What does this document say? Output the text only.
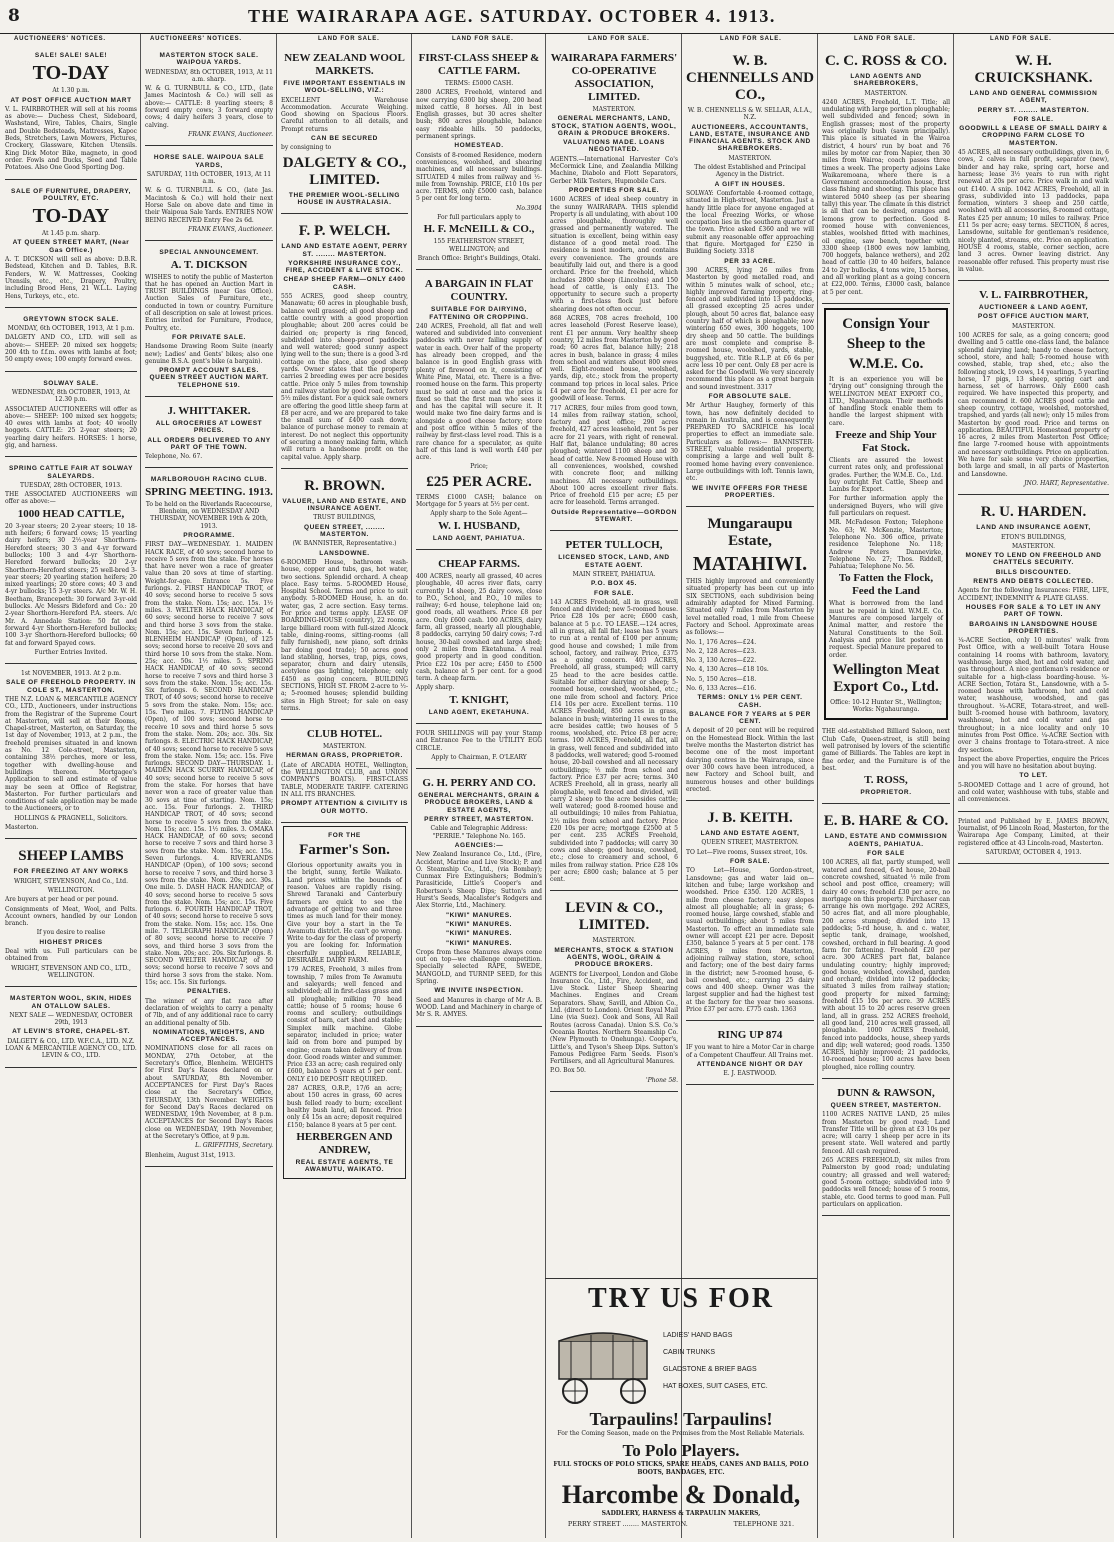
8	THE WAIRARAPA AGE. SATURDAY. OCTOBER 4. 1913.
AUCTIONEERS' NOTICES.	AUCTIONEERS' NOTICES.	LAND FOR SALE.	LAND FOR SALE.	LAND FOR SALE.	LAND FOR SALE.	LAND FOR SALE.	LAND FOR SALE.
SALE! SALE! SALE!
TO-DAY

At 1.30 p.m.

AT POST OFFICE AUCTION MART

V. L. FAIRBROTHER will sell at his rooms as above:— Duchess Chest, Sideboard, Washstand, Wire, Tables, Chairs, Single and Double Bedsteads, Mattresses, Kapoc Beds, Stretchers, Lawn Mowers, Pictures, Crockery, Glassware, Kitchen Utensils. King Dick Motor Bike, magneto, in good order. Fowls and Ducks, Seed and Table Potatoes. Also One Good Sporting Dog.

SALE OF FURNITURE, DRAPERY, POULTRY, ETC.
TO-DAY

At 1.45 p.m. sharp.

AT QUEEN STREET MART, (Near Gas Office.)

A. T. DICKSON will sell as above: D.B.R. Bedstead, Kitchen and D. Tables, B.R. Fenders, W. W. Mattresses, Cooking Utensils, etc., etc., Drapery, Poultry, including Brood Hens, 21 W.L.L. Laying Hens, Turkeys, etc., etc.

GREYTOWN STOCK SALE.

MONDAY, 6th OCTOBER, 1913, At 1 p.m.

DALGETY AND CO., LTD. will sell as above:— SHEEP: 20 mixed sex hoggets; 200 4th to f.f.m. ewes with lambs at foot; 50 empty ewes; 100 empty forward ewes.

SOLWAY SALE.

WEDNESDAY, 8th OCTOBER, 1913, At 12.30 p.m.

ASSOCIATED AUCTIONEERS will offer as above:— SHEEP: 100 mixed sex hoggets; 40 ewes with lambs at foot; 40 woolly hoggets. CATTLE: 25 2-year steers; 20 yearling dairy heifers. HORSES: 1 horse, gig, and harness.

SPRING CATTLE FAIR AT SOLWAY SALEYARDS.

TUESDAY, 28th OCTOBER, 1913.

THE ASSOCIATED AUCTIONEERS will offer as above:—

1000 HEAD CATTLE,

20 3-year steers; 20 2-year steers; 10 18-mth heifers; 6 forward cows; 15 yearling dairy heifers; 30 2½-year Shorthorn-Hereford steers; 30 3 and 4-yr forward bullocks; 100 3 and 4-yr Shorthorn-Hereford forward bullocks; 20 2-yr Shorthorn-Hereford steers; 25 well-bred 3-year steers; 20 yearling station heifers; 20 mixed yearlings; 20 store cows; 40 3 and 4-yr bullocks; 15 3-yr steers. A/c Mr. W. H. Beetham, Brancepeth: 30 forward 3-yr-old bullocks. A/c Messrs Bideford and Co.: 20 2-year Shorthorn-Hereford P.A. steers. A/c Mr. A. Annedale Station: 50 fat and forward 4-yr Shorthorn-Hereford bullocks; 100 3-yr Shorthorn-Hereford bullocks; 60 fat and forward Spayed cows.

Further Entries Invited.

1st NOVEMBER, 1913. At 2 p.m.

SALE OF FREEHOLD PROPERTY. IN COLE ST., MASTERTON.

THE N.Z. LOAN & MERCANTILE AGENCY CO., LTD., Auctioneers, under instructions from the Registrar of the Supreme Court at Masterton, will sell at their Rooms, Chapel-street, Masterton, on Saturday, the 1st day of November, 1913, at 2 p.m., the freehold premises situated in and known as No. 12 Cole-street, Masterton, containing 38½ perches, more or less, together with dwelling-house and buildings thereon. Mortgagee's Application to sell and estimate of value may be seen at Office of Registrar, Masterton. For further particulars and conditions of sale application may be made to the Auctioneers, or to

HOLLINGS & PRAGNELL, Solicitors.

Masterton.

SHEEP LAMBS
FOR FREEZING AT ANY WORKS

WRIGHT, STEVENSON, And Co., Ltd.

WELLINGTON.

Are buyers at per head or per pound.

Consignments of Meat, Wool, and Pelts. Account owners, handled by our London branch.

If you desire to realise

HIGHEST PRICES

Deal with us. Full particulars can be obtained from

WRIGHT, STEVENSON AND CO., LTD., WELLINGTON.

MASTERTON WOOL, SKIN, HIDES AN OTALLOW SALES.

NEXT SALE — WEDNESDAY, OCTOBER 29th, 1913

AT LEVIN'S STORE, CHAPEL-ST.

DALGETY & CO., LTD. W.F.C.A., LTD. N.Z. LOAN & MERCANTILE AGENCY CO., LTD. LEVIN & CO., LTD.

MASTERTON STOCK SALE. WAIPOUA YARDS.

WEDNESDAY, 8th OCTOBER, 1913, At 11 a.m. sharp.

W. & G. TURNBULL & CO., LTD., (late James Macintosh & Co.) will sell as above:— CATTLE: 8 yearling steers; 8 forward empty cows; 3 forward empty cows; 4 dairy heifers 3 years, close to calving.

FRANK EVANS, Auctioneer.

HORSE SALE. WAIPOUA SALE YARDS,

SATURDAY, 11th OCTOBER, 1913, At 11 a.m.

W. & G. TURNBULL & CO., (late Jas. Macintosh & Co.) will hold their next Horse Sale on above date and time in their Waipoua Sale Yards. ENTRIES NOW BEING RECEIVED Entry Fee 2s 6d.

FRANK EVANS, Auctioneer.

SPECIAL ANNOUNCEMENT.
A. T. DICKSON

WISHES to notify the public of Masterton that he has opened an Auction Mart in TRUST BUILDINGS (near Gas Office). Auction Sales of Furniture, etc., conducted in town or country. Furniture of all description on sale at lowest prices. Entries invited for Furniture, Produce, Poultry, etc.

FOR PRIVATE SALE.

Handsome Drawing Room Suite (nearly new); Ladies' and Gents' bikes; also one genuine B.S.A. gent's bike (a bargain).

PROMPT ACCOUNT SALES. QUEEN STREET AUCTION MART. TELEPHONE 519.
J. WHITTAKER.
ALL GROCERIES AT LOWEST PRICES.
ALL ORDERS DELIVERED TO ANY PART OF THE TOWN.

Telephone, No. 67.

MARLBOROUGH RACING CLUB.
SPRING MEETING. 1913.

To be held on the Riverlands Racecourse, Blenheim, on WEDNESDAY AND THURSDAY, NOVEMBER 19th & 20th, 1913.

PROGRAMME.

FIRST DAY—WEDNESDAY. 1. MAIDEN HACK RACE, of 40 sovs; second horse to receive 5 sovs from the stake. For horses that have never won a race of greater value than 20 sovs at time of starting. Weight-for-age. Entrance 5s. Five furlongs. 2. FIRST HANDICAP TROT, of 40 sovs; second horse to receive 5 sovs from the stake. Nom. 15s; acc. 15s. 1½ miles. 3. WELTER HACK HANDICAP, of 60 sovs; second horse to receive 7 sovs and third horse 3 sovs from the stake. Nom. 15s; acc. 15s. Seven furlongs. 4. BLENHEIM HANDICAP (Open), of 125 sovs; second horse to receive 20 sovs and third horse 10 sovs from the stake. Nom. 25s; acc. 50s. 1½ miles. 5. SPRING HACK HANDICAP, of 40 sovs; second horse to receive 7 sovs and third horse 3 sovs from the stake. Nom. 15s; acc. 15s. Six furlongs. 6. SECOND HANDICAP TROT, of 40 sovs; second horse to receive 5 sovs from the stake. Nom. 15s; acc. 15s. Two miles. 7. FLYING HANDICAP (Open), of 100 sovs; second horse to receive 10 sovs and third horse 5 sovs from the stake. Nom. 20s; acc. 30s. Six furlongs. 8. ELECTRIC HACK HANDICAP, of 40 sovs; second horse to receive 5 sovs from the stake. Nom. 15s; acc. 15s. Five furlongs. SECOND DAY—THURSDAY. 1. MAIDEN HACK SCURRY HANDICAP, of 40 sovs; second horse to receive 5 sovs from the stake. For horses that have never won a race of greater value than 30 sovs at time of starting. Nom. 15s; acc. 15s. Four furlongs. 2. THIRD HANDICAP TROT, of 40 sovs; second horse to receive 5 sovs from the stake. Nom. 15s; acc. 15s. 1½ miles. 3. OMAKA HACK HANDICAP, of 60 sovs; second horse to receive 7 sovs and third horse 3 sovs from the stake. Nom. 15s; acc. 15s. Seven furlongs. 4. RIVERLANDS HANDICAP (Open), of 100 sovs; second horse to receive 7 sovs, and third horse 3 sovs from the stake. Nom. 20s; acc. 30s. One mile. 5. DASH HACK HANDICAP, of 40 sovs; second horse to receive 5 sovs from the stake. Nom. 15s; acc. 15s. Five furlongs. 6. FOURTH HANDICAP TROT, of 40 sovs; second horse to receive 5 sovs from the stake. Nom. 15s; acc. 15s. One mile. 7. TELEGRAPH HANDICAP (Open) of 80 sovs; second horse to receive 7 sovs, and third horse 3 sovs from the stake. Nom. 20s; acc. 20s. Six furlongs. 8. SECOND WELTER HANDICAP, of 50 sovs; second horse to receive 7 sovs and third horse 3 sovs from the stake. Nom. 15s; acc. 15s. Six furlongs.

PENALTIES.

The winner of any flat race after declaration of weights to carry a penalty of 7lb, and of any additional race to carry an additional penalty of 5lb.

NOMINATIONS, WEIGHTS, AND ACCEPTANCES.

NOMINATIONS close for all races on MONDAY, 27th October, at the Secretary's Office, Blenheim. WEIGHTS for First Day's Races declared on or about SATURDAY, 8th November. ACCEPTANCES for First Day's Races close at the Secretary's Office, THURSDAY, 13th November. WEIGHTS for Second Day's Races declared on WEDNESDAY, 19th November, at 8 p.m. ACCEPTANCES for Second Day's Races close on WEDNESDAY, 19th November, at the Secretary's Office, at 9 p.m.

L. GRIFFITHS, Secretary.

Blenheim, August 31st, 1913.

NEW ZEALAND WOOL MARKETS.
FIVE IMPORTANT ESSENTIALS IN WOOL-SELLING, VIZ.:

EXCELLENT Warehouse Accommodation. Accurate Weighing. Good showing on Spacious Floors. Careful attention to all details, and Prompt returns

CAN BE SECURED

by consigning to

DALGETY & CO., LIMITED.
THE PREMIER WOOL-SELLING HOUSE IN AUSTRALASIA.
F. P. WELCH.
LAND AND ESTATE AGENT, PERRY ST. ........ MASTERTON.
YORKSHIRE INSURANCE COY., FIRE, ACCIDENT & LIVE STOCK.
CHEAP SHEEP FARM—ONLY £400 CASH.

555 ACRES, good sheep country, Manawatu; 60 acres in ploughable bush, balance well grassed; all good sheep and cattle country with a good proportion ploughable; about 200 acres could be dairied on; property is ring fenced, subdivided into sheep-proof paddocks and well watered; good sunny aspect lying well to the sun; there is a good 3-rd cottage on the place, also good sheep yards. Owner states that the property carries 2 breeding ewes per acre besides cattle. Price only 5 miles from township and railway station by good road, factory 5½ miles distant. For a quick sale owners are offering the good little sheep farm at £8 per acre, and we are prepared to take the small sum of £400 cash down; balance of purchase money to remain at interest. Do not neglect this opportunity of securing a money making farm, which will return a handsome profit on the capital value. Apply sharp.

R. BROWN.
VALUER, LAND AND ESTATE, AND INSURANCE AGENT.

TRUST BUILDINGS,

QUEEN STREET, ........ MASTERTON.

(W. BANNISTER, Representative.)

LANSDOWNE.

6-ROOMED House, bathroom wash-house, copper and tubs, gas, hot water, two sections. Splendid orchard. A cheap place. Easy terms. 5-ROOMED House, Hospital School. Terms and price to suit anybody. 5-ROOMED House, h. an do. water, gas, 2 acre section. Easy terms. For price and terms apply. LEASE OF BOARDING-HOUSE (country), 22 rooms, large billiard room with full-sized Alcock table, dining-rooms, sitting-rooms (all fully furnished), new piano, soft drinks bar doing good trade); 50 acres good land stabling, horses, trap, pigs, cows, separator, churn and dairy utensils, acetylene gas lighting, telephone; only £450 as going concern. BUILDING SECTIONS, HIGH ST. FROM 2-acre to ½-a; 5-roomed houses; splendid building sites in High Street; for sale on easy terms.

CLUB HOTEL.

MASTERTON.

HERMAN GRASS, PROPRIETOR.

(Late of ARCADIA HOTEL, Wellington, the WELLINGTON CLUB, and UNION COMPANY'S BOATS). FIRST-CLASS TABLE, MODERATE TARIFF. CATERING IN ALL ITS BRANCHES.

PROMPT ATTENTION & CIVILITY IS OUR MOTTO.
FOR THE
Farmer's Son.

Glorious opportunity awaits you in the bright, sunny, fertile Waikato. Land prices within the bounds of reason. Values are rapidly rising. Shrewd Taranaki and Canterbury farmers are quick to see the advantage of getting two and three times as much land for their money. Give your boy a start in the Te Awamutu district. He can't go wrong. Write to-day for the class of property you are looking for. Information cheerfully supplied. RELIABLE, DESIRABLE DAIRY FARM.

179 ACRES, Freehold, 3 miles from township, 7 miles from Te Awamutu and saleyards; well fenced and subdivided; all in first-class grass and all ploughable; milking 70 head cattle; house of 5 rooms; house 6 rooms and scullery; outbuildings consist of barn, cart shed and stable; Simplex milk machine. Globe separator, included in price; water laid on from bore and pumped by engine; cream taken delivery of from door. Good roads winter and summer. Price £33 an acre; cash required only £600, balance 5 years at 5 per cent. ONLY £10 DEPOSIT REQUIRED.

287 ACRES, O.R.P., 17/6 an acre; about 150 acres in grass, 60 acres bush felled ready to burn; excellent healthy bush land, all fenced. Price only £4 15s an acre; deposit required £150; balance 8 years at 5 per cent.

HERBERGEN AND ANDREW,
REAL ESTATE AGENTS, TE AWAMUTU, WAIKATO.
FIRST-CLASS SHEEP & CATTLE FARM.

TERMS: £5000 CASH.

2800 ACRES, Freehold, wintered and now carrying 6300 big sheep, 200 head mixed cattle, 8 horses. All in best English grasses, but 30 acres shelter bush; 800 acres ploughable, balance easy rideable hills. 50 paddocks, permanent springs.

HOMESTEAD.

Consists of 8-roomed Residence, modern conveniences, woolshed, and shearing machines, and all necessary buildings. SITUATED 4 miles from railway and ½-mile from Township. PRICE, £10 10s per acre. TERMS, only £5000 cash, balance 5 per cent for long term.

No.3904

For full particulars apply to

H. F. McNEILL & CO.,

155 FEATHERSTON STREET, WELLINGTON; and

Branch Office: Bright's Buildings, Otaki.

A BARGAIN IN FLAT COUNTRY.
SUITABLE FOR DAIRYING, FATTENING OR CROPPING.

240 ACRES, Freehold, all flat and well watered and subdivided into convenient paddocks with never failing supply of water in each. Over half of the property has already been cropped, and the balance is in good English grass with plenty of firewood on it, consisting of White Pine, Matai, etc. There is a five-roomed house on the farm. This property must be sold at once and the price is fixed so that the first man who sees it and has the capital will secure it. It would make two fine dairy farms and is alongside a good cheese factory; store and post office within 5 miles of the railway by first-class level road. This is a rare chance for a speculator, as quite half of this land is well worth £40 per acre.

Price;

£25 PER ACRE.

TERMS £1000 CASH; balance on Mortgage for 5 years at 5½ per cent.

Apply sharp to the Sole Agent—

W. I. HUSBAND,
LAND AGENT, PAHIATUA.
CHEAP FARMS.

400 ACRES, nearly all grassed, 40 acres ploughable, 40 acres river flats, carry currently 14 sheep, 25 dairy cows, close to P.O., School, and P.O., 10 miles to railway; 6-rd house, telephone laid on; good roads, all weathers. Price £8 per acre. Only £600 cash. 100 ACRES, dairy farm, all grassed, nearly all ploughable, 8 paddocks, carrying 50 dairy cows; 7-rd house, 30-bail cowshed and large shed; only 2 miles from Eketahuna. A real good property and in good condition. Price £22 10s per acre; £450 to £500 cash, balance at 5 per cent. for a good term. A cheap farm.

Apply sharp.

T. KNIGHT,
LAND AGENT, EKETAHUNA.

FOUR SHILLINGS will pay your Stamp and Entrance Fee to the UTILITY EGG CIRCLE.

Apply to Chairman, F. O'LEARY

G. H. PERRY AND CO.
GENERAL MERCHANTS, GRAIN & PRODUCE BROKERS, LAND & ESTATE AGENTS,
PERRY STREET, MASTERTON.

Cable and Telegraphic Address: "PERRIE." Telephone No. 165.

AGENCIES:—

New Zealand Insurance Co., Ltd., (Fire, Accident, Marine and Live Stock); P. and O. Steamship Co., Ltd., (via Bombay); Cunmax Fire Extinguishers; Bodmin's Parasiticide, Little's Cooper's and Robertson's Sheep Dips; Sutton's and Hurst's Seeds, Macalister's Rodgers and Alex Storrie, Ltd., Machinery.

"KIWI" MANURES.
"KIWI" MANURES.
"KIWI" MANURES.
"KIWI" MANURES.

Crops from these Manures always come out on top—we challenge competition. Specially selected RAPE, SWEDE, MANGOLD, and TURNIP SEED, for this Spring.

WE INVITE INSPECTION.

Seed and Manures in charge of Mr A. B. WOOD. Land and Machinery in charge of Mr S. R. AMYES.

WAIRARAPA FARMERS' CO-OPERATIVE ASSOCIATION, LIMITED.

MASTERTON.

GENERAL MERCHANTS, LAND, STOCK, STATION AGENTS, WOOL, GRAIN & PRODUCE BROKERS.
VALUATIONS MADE. LOANS NEGOTIATED.

AGENTS.—International Harvester Co's McCormick Line, and Zealandia Milking Machine, Diabolo and Flott Separators, Gerber Milk Testers, Hupmobile Cars.

PROPERTIES FOR SALE.

1600 ACRES of ideal sheep country in the sunny WAIRARAPA. THIS splendid Property is all undulating, with about 100 acres ploughable, thoroughly well grassed and permanently watered. The situation is excellent, being within easy distance of a good metal road. The residence is most modern, and contains every convenience. The grounds are beautifully laid out, and there is a good orchard. Price for the freehold, which includes 2800 sheep (Lincolns) and 150 head of cattle, is only £13. The opportunity to secure such a property with a first-class flock just before shearing does not often occur.

868 ACRES, 708 acres freehold, 100 acres leasehold (Forest Reserve lease), rent £1 per annum. Very healthy sheep country, 12 miles from Masterton by good road; 60 acres flat, balance hilly; 218 acres in bush, balance in grass; 4 miles from school and winters about 800 ewes well. Eight-roomed house, woolshed, yards, dip, etc.; stock from the property command top prices in local sales. Price £4 per acre for freehold, £1 per acre for goodwill of lease. Terms.

717 ACRES, four miles from good town, 14 miles from railway station, school, factory and post office; 290 acres freehold, 427 acres leasehold, rent 5s per acre for 21 years, with right of renewal. Half flat, balance undulating; 80 acres ploughed; wintered 1100 sheep and 30 head of cattle. New 8-roomed House with all conveniences, woolshed, cowshed with concrete floor, and milking machines. All necessary outbuildings. About 100 acres excellent river flats. Price of freehold £15 per acre; £5 per acre for leasehold. Terms arranged.

Outside Representative—GORDON STEWART.
PETER TULLOCH,
LICENSED STOCK, LAND, AND ESTATE AGENT.

MAIN STREET, PAHIATUA.

P.O. BOX 45.
FOR SALE.

143 ACRES Freehold, all in grass, well fenced and divided; new 5-roomed house. Price £28 10s per acre; £600 cash, balance at 5 p.c. TO LEASE.—124 acres, all in grass, all fall flat; lease has 5 years to run at a rental of £100 per annum; good house and cowshed; 1 mile from school, factory, and railway. Price, £375 as a going concern. 403 ACRES, Freehold, all grass, stumped; will carry 25 head to the acre besides cattle. Suitable for either dairying or sheep; 5-roomed house, cowshed, woolshed, etc.; one mile from school and factory. Price £14 10s per acre. Excellent terms. 110 ACRES Freehold, 850 acres in grass, balance in bush; wintering 11 ewes to the acre besides cattle; two houses of 5 rooms, woolshed, etc. Price £8 per acre; terms. 100 ACRES, Freehold, all flat, all in grass, well fenced and subdivided into 8 paddocks, well watered; good 5-roomed house, 20-bail cowshed and all necessary outbuildings; ½ mile from school and factory. Price £37 per acre; terms. 340 ACRES Freehold, all in grass, nearly all ploughable, well fenced and divided, will carry 2 sheep to the acre besides cattle; well watered; good 8-roomed house and all outbuildings; 10 miles from Pahiatua, 2½ miles from school and factory. Price £20 10s per acre; mortgage £2500 at 5 per cent. 235 ACRES Freehold, subdivided into 7 paddocks; will carry 30 cows and sheep; good house, cowshed, etc.; close to creamery and school, 6 miles from railway station. Price £28 10s per acre; £800 cash; balance at 5 per cent.

LEVIN & CO., LIMITED.

MASTERTON.

MERCHANTS, STOCK & STATION AGENTS, WOOL, GRAIN & PRODUCE BROKERS.

AGENTS for Liverpool, London and Globe Insurance Co., Ltd., Fire, Accident, and Live Stock. Lister Sheep Shearing Machines. Engines and Cream Separators. Shaw, Savill, and Albion Co., Ltd. (direct to London). Orient Royal Mail Line (via Suez). Cook and Sons, All Rail Routes (across Canada). Union S.S. Co.'s Oceania Routes. Northern Steamship Co. (New Plymouth to Onehunga). Cooper's, Little's, and Tyson's Sheep Dips. Sutton's Famous Pedigree Farm Seeds. Fison's Fertilisers, and all Agricultural Manures.

P.O. Box 50.

'Phone 58.

W. B. CHENNELLS AND CO.,

W. B. CHENNELLS & W. SELLAR, A.I.A., N.Z.

AUCTIONEERS, ACCOUNTANTS, LAND, ESTATE, INSURANCE AND FINANCIAL AGENTS. STOCK AND SHAREBROKERS.

MASTERTON.

The oldest Established and Principal Agency in the District.

A GIFT IN HOUSES.

SOLWAY: Comfortable 4-roomed cottage, situated in High-street, Masterton. Just a handy little place for anyone engaged at the local Freezing Works, or whose occupation lies in the southern quarter of the town. Price asked £360 and we will submit any reasonable offer approaching that figure. Mortgaged for £250 in Building Society. 3318

PER 33 ACRE.

390 ACRES, lying 26 miles from Masterton by good metalled road, and within 5 minutes walk of school, etc.; highly improved farming property, ring-fenced and subdivided into 13 paddocks, all grassed excepting 25 acres under plough, about 50 acres flat, balance easy country half of which is ploughable; now wintering 650 ewes, 300 hoggets, 100 dry sheep and 50 cattle. The buildings are most complete and comprise 8-roomed house, woolshed, yards, stable, buggyshed, etc. Title R.L.P. at £6 6s per acre less 10 per cent. Only £8 per acre is asked for the Goodwill. We very sincerely recommend this place as a great bargain and sound investment. 3317

FOR ABSOLUTE SALE.

Mr Arthur Haughey, formerly of this town, has now definitely decided to remain in Australia, and is consequently PREPARED TO SACRIFICE his local properties to effect an immediate sale. Particulars as follows:— BANNISTER-STREET, valuable residential property, comprising a large and well built 8-roomed home having every convenience. Large outbuildings with loft. Tennis lawn, etc.

WE INVITE OFFERS FOR THESE PROPERTIES.
Mungaraupu Estate,
MATAHIWI.

THIS highly improved and conveniently situated property has been cut up into SIX SECTIONS, each subdivision being admirably adapted for Mixed Farming. Situated only 7 miles from Masterton by level metalled road, 1 mile from Cheese Factory and School. Approximate areas as follows:—

No. 1, 176 Acres—£24.

No. 2, 128 Acres—£23.

No. 3, 130 Acres—£22.

No. 4, 130 Acres—£18 10s.

No. 5, 150 Acres—£18.

No. 6, 133 Acres—£16.

TERMS: ONLY 1½ PER CENT. CASH.
BALANCE FOR 7 YEARS at 5 PER CENT.

A deposit of 20 per cent will be required on the Homestead Block. Within the last twelve months the Masterton district has become one of the most important dairying centres in the Wairarapa, since over 300 cows have been introduced, a new Factory and School built, and numerous houses and other buildings erected.

J. B. KEITH.
LAND AND ESTATE AGENT,

QUEEN STREET, MASTERTON.

TO Let—Five rooms, Sussex street, 10s.

FOR SALE.

TO Let—House, Gordon-street, Lansdowne; gas and water laid on—kitchen and tube; large workshop and woodshed. Price £350. 120 ACRES, 1 mile from cheese factory; easy slopes almost all ploughable; all in grass; 6-roomed house, large cowshed, stable and usual outbuildings; about 5 miles from Masterton. To effect an immediate sale owner will accept £21 per acre. Deposit £350, balance 5 years at 5 per cent. 178 ACRES, 9 miles from Masterton, adjoining railway station, store, school and factory; one of the best dairy farms in the district; new 5-roomed house, 6-bail cowshed, etc.; carrying 25 dairy cows and 400 sheep. Owner was the largest supplier and had the highest test at the factory for the year two seasons. Price £37 per acre. £775 cash. 1363

RING UP 874

IF you want to hire a Motor Car in charge of a Competent Chauffeur. All Trains met.

ATTENDANCE NIGHT OR DAY

E. J. EASTWOOD.

C. C. ROSS & CO.
LAND AGENTS AND SHAREBROKERS,

MASTERTON.

4240 ACRES, Freehold, L.T. Title; all undulating with large portion ploughable; well subdivided and fenced; sown in English grasses; most of the property was originally bush (sawn principally). This place is situated in the Wairoa district, 4 hours' run by boat and 76 miles by motor car from Napier, then 30 miles from Wairoa; coach passes three times a week. The property adjoins Lake Waikaremoana, where there is a Government accommodation house, first class fishing and shooting. This place has wintered 5040 sheep (as per shearing tally) this year. The climate in this district is all that can be desired, oranges and lemons grow to perfection. Good 8-roomed house with conveniences, stables, woolshed fitted with machines, oil engine, saw bench, together with 3300 sheep (1800 ewes now lambing, 700 hoggets, balance wethers), and 202 head of cattle (30 to 40 heifers, balance 24 to 2yr bullocks, 4 tons wire, 15 horses, and all working plant as a going concern at £22,000. Terms, £3000 cash, balance at 5 per cent.

Consign Your
Sheep to the
W.M.E. Co.

It is an experience you will be "drying out" consigning through the WELLINGTON MEAT EXPORT CO., LTD., Ngahauranga. Their methods of handling Stock enable them to handle the largest shipment with care.

Freeze and Ship Your Fat Stock.

Clients are assured the lowest current rates only, and professional grades. Further, the W.M.E. Co., Ltd. buy outright Fat Cattle, Sheep and Lambs for Export.

For further information apply the undersigned Buyers, who will give full particulars on request.

MR. McFadeson Foxton; Telephone No. 63; W. McKenzie, Masterton; Telephone No. 306 office, private residence Telephone No. 118; Andrew Peters Dannevirke, Telephone No. 27; Thos. Riddell, Pahiatua; Telephone No. 56.

To Fatten the Flock, Feed the Land

What is borrowed from the land must be repaid in kind. W.M.E. Co. Manures are composed largely of Animal matter, and restore the Natural Constituents to the Soil. Analysis and price list posted on request. Special Manure prepared to order.

Wellington Meat Export Co., Ltd.

Office: 10-12 Hunter St., Wellington; Works: Ngahauranga.

THE old-established Billiard Saloon, next Club Cafe, Queen-street, is still being well patronised by lovers of the scientific game of Billiards. The Tables are kept in fine order, and the Furniture is of the best.

T. ROSS,
PROPRIETOR.
E. B. HARE & CO.
LAND, ESTATE AND COMMISSION AGENTS, PAHIATUA.
FOR SALE

100 ACRES, all flat, partly stumped, well watered and fenced, 6-rd house, 20-bail concrete cowshed, situated ½ mile from school and post office, creamery; will dairy 40 cows; freehold £30 per acre, no mortgage on this property. Purchaser can arrange his own mortgage. 292 ACRES, 50 acres flat, and all more ploughable, 200 acres stumped; divided into 13 paddocks; 5-rd house, h. and c. water, septic tank, drainage, woolshed, cowshed, orchard in full bearing. A good farm for fattening. Freehold £20 per acre. 300 ACRES part flat, balance undulating country; highly improved; good house, woolshed, cowshed, garden and orchard; divided into 12 paddocks; situated 3 miles from railway station; good property for mixed farming; freehold £15 10s per acre. 39 ACRES with about 15 to 20 acres reserve green land, all in grass. 252 ACRES freehold, all good land, 210 acres well grassed, all ploughable. 1000 ACRES freehold, fenced into paddocks, house, sheep yards and dip; well watered; good roads. 1350 ACRES, highly improved; 21 paddocks, 10-roomed house; 100 acres have been ploughed, nice rolling country.

DUNN & RAWSON,
QUEEN STREET, MASTERTON.

1100 ACRES NATIVE LAND, 25 miles from Masterton by good road; Land Transfer Title will be given at £3 10s per acre; will carry 1 sheep per acre in its present state. Well watered and partly fenced. All cash required.

265 ACRES FREEHOLD, six miles from Palmerston by good road; undulating country; all grassed and well watered; good 5-room cottage; subdivided into 9 paddocks well fenced; house of 5 rooms, stable, etc. Good terms to good man. Full particulars on application.

W. H. CRUICKSHANK.
LAND AND GENERAL COMMISSION AGENT,
PERRY ST. ........ MASTERTON.
FOR SALE.
GOODWILL & LEASE OF SMALL DAIRY & CROPPING FARM CLOSE TO MASTERTON.

45 ACRES, all necessary outbuildings, given in, 6 cows, 2 calves in full profit, separator (new), binder and hay rake, spring cart, horse and harness; lease 3½ years to run with right renewal at 20s per acre. Price walk in and walk out £140. A snip. 1042 ACRES, Freehold, all in grass, subdivided into 13 paddocks, papa formation, winters 3 sheep and 250 cattle, woolshed with all accessories, 8-roomed cottage, Rates £25 per annum; 10 miles to railway. Price £11 5s per acre; easy terms. SECTION, 8 acres, Lansdowne, suitable for gentleman's residence, nicely planted, streams, etc. Price on application. HOUSE 4 rooms, stable, corner section, acre land 3 acres. Owner leaving district. Any reasonable offer refused. This property must rise in value.

V. L. FAIRBROTHER,
AUCTIONEER & LAND AGENT,
POST OFFICE AUCTION MART,

MASTERTON.

100 ACRES for sale, as a going concern; good dwelling and 5 cattle one-class land, the balance splendid dairying land; handy to cheese factory, school, store, and hall; 5-roomed house with cowshed, stable, trap shed, etc.; also the following stock, 19 cows, 14 yearlings, 5 yearling horse, 17 pigs, 13 sheep, spring cart and harness, set of harrows. Only £600 cash required. We have inspected this property, and can recommend it. 600 ACRES good cattle and sheep country, cottage, woolshed, motorshed, trapshed, and yards (all new); only 15 miles from Masterton by good road. Price and terms on application. BEAUTIFUL Homestead property of 16 acres, 2 miles from Masterton Post Office; fine large 7-roomed house with appointments and necessary outbuildings. Price on application. We have for sale some very choice properties, both large and small, in all parts of Masterton and Lansdowne.

JNO. HART, Representative.

R. U. HARDEN.
LAND AND INSURANCE AGENT,

ETON'S BUILDINGS,

MASTERTON.

MONEY TO LEND ON FREEHOLD AND CHATTELS SECURITY.
BILLS DISCOUNTED.
RENTS AND DEBTS COLLECTED.

Agents for the following Insurances: FIRE, LIFE, ACCIDENT, INDEMNITY & PLATE GLASS.

HOUSES FOR SALE & TO LET IN ANY PART OF TOWN.
BARGAINS IN LANSDOWNE HOUSE PROPERTIES.

¼-ACRE Section, only 10 minutes' walk from Post Office, with a well-built Totara House containing 14 rooms with bathroom, lavatory, washhouse, large shed, hot and cold water, and gas throughout. A nice gentleman's residence or suitable for a high-class boarding-house. ¼-ACRE Section, Totara St., Lansdowne, with a 5-roomed house with bathroom, hot and cold water, washhouse, woodshed, and gas throughout. ¼-ACRE, Totara-street, and well-built 5-roomed house with bathroom, lavatory, washhouse, hot and cold water and gas throughout; in a nice locality and only 10 minutes from Post Office. ¼-ACRE Section with over 3 chains frontage to Totara-street. A nice dry section.

Inspect the above Properties, enquire the Prices and you will have no hesitation about buying.

TO LET.

5-ROOMED Cottage and 1 acre of ground, hot and cold water, washhouse with tubs, stable and all conveniences.

Printed and Published by E. JAMES BROWN, Journalist, of 96 Lincoln Road, Masterton, for the Wairarapa Age Company, Limited, at their registered office at 43 Lincoln-road, Masterton.

SATURDAY, OCTOBER 4, 1913.

TRY US FOR
LADIES' HAND BAGS
CABIN TRUNKS
GLADSTONE & BRIEF BAGS
HAT BOXES, SUIT CASES, ETC.
Tarpaulins! Tarpaulins!
For the Coming Season, made on the Premises from the Most Reliable Materials.
To Polo Players.
FULL STOCKS OF POLO STICKS, SPARE HEADS, CANES AND BALLS, POLO BOOTS, BANDAGES, ETC.
Harcombe & Donald,
SADDLERY, HARNESS & TARPAULIN MAKERS,
PERRY STREET ........ MASTERTON.	TELEPHONE 321.
